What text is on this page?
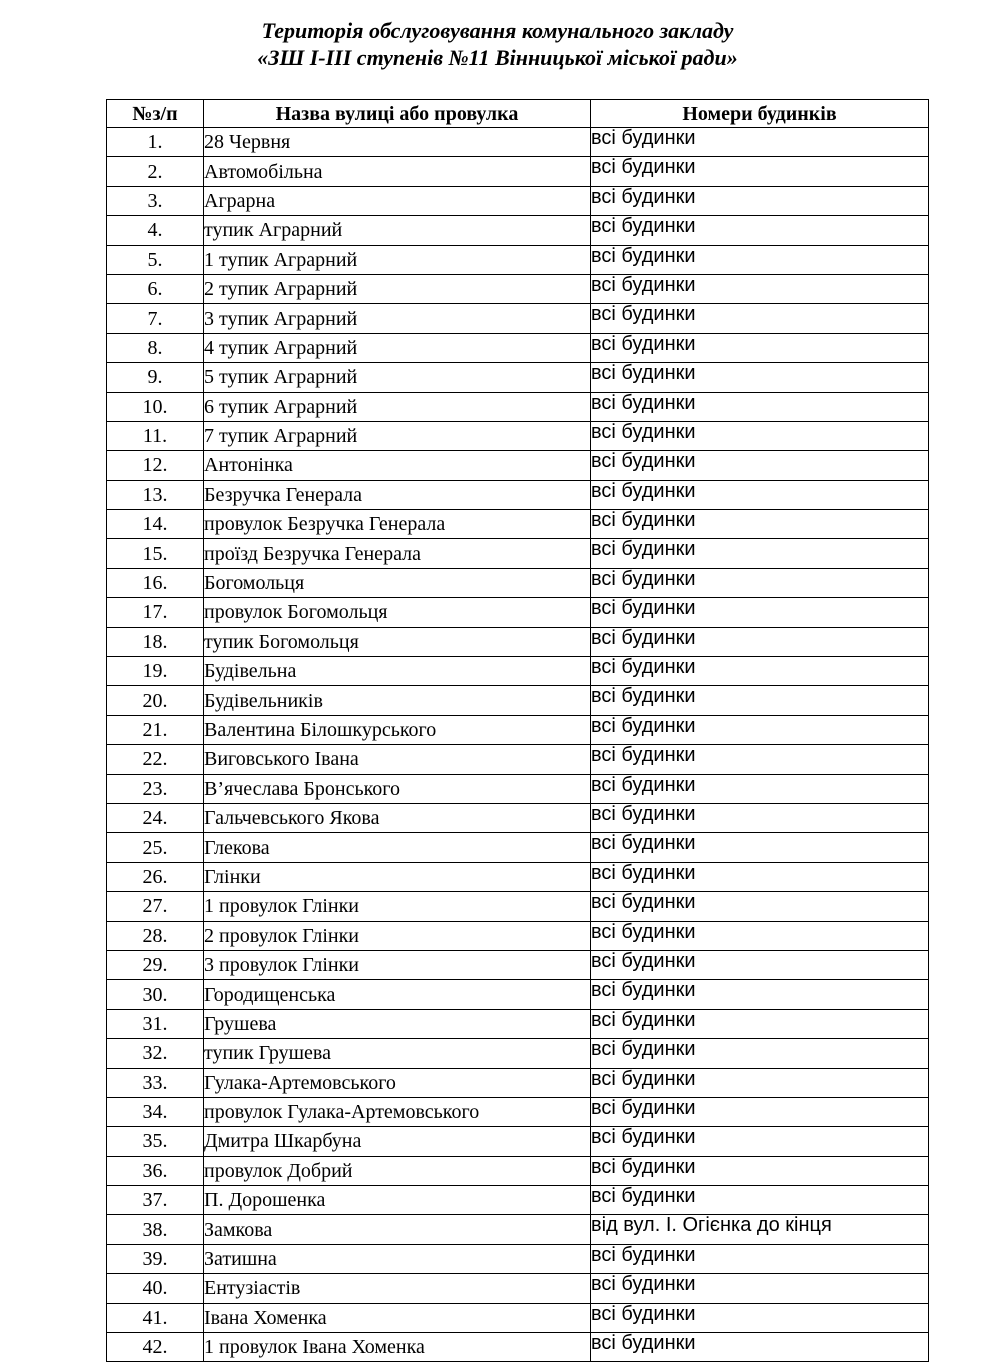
Територія обслуговування комунального закладу
«ЗШ I-III ступенів №11 Вінницької міської ради»
№з/п	Назва вулиці або провулка	Номери будинків
1.	28 Червня	всі будинки
2.	Автомобільна	всі будинки
3.	Аграрна	всі будинки
4.	тупик Аграрний	всі будинки
5.	1 тупик Аграрний	всі будинки
6.	2 тупик Аграрний	всі будинки
7.	3 тупик Аграрний	всі будинки
8.	4 тупик Аграрний	всі будинки
9.	5 тупик Аграрний	всі будинки
10.	6 тупик Аграрний	всі будинки
11.	7 тупик Аграрний	всі будинки
12.	Антонінка	всі будинки
13.	Безручка Генерала	всі будинки
14.	провулок Безручка Генерала	всі будинки
15.	проїзд Безручка Генерала	всі будинки
16.	Богомольця	всі будинки
17.	провулок Богомольця	всі будинки
18.	тупик Богомольця	всі будинки
19.	Будівельна	всі будинки
20.	Будівельників	всі будинки
21.	Валентина Білошкурського	всі будинки
22.	Виговського Івана	всі будинки
23.	В’ячеслава Бронського	всі будинки
24.	Гальчевського Якова	всі будинки
25.	Глекова	всі будинки
26.	Глінки	всі будинки
27.	1 провулок Глінки	всі будинки
28.	2 провулок Глінки	всі будинки
29.	3 провулок Глінки	всі будинки
30.	Городищенська	всі будинки
31.	Грушева	всі будинки
32.	тупик Грушева	всі будинки
33.	Гулака-Артемовського	всі будинки
34.	провулок Гулака-Артемовського	всі будинки
35.	Дмитра Шкарбуна	всі будинки
36.	провулок Добрий	всі будинки
37.	П. Дорошенка	всі будинки
38.	Замкова	від вул. І. Огієнка до кінця
39.	Затишна	всі будинки
40.	Ентузіастів	всі будинки
41.	Івана Хоменка	всі будинки
42.	1 провулок Івана Хоменка	всі будинки
